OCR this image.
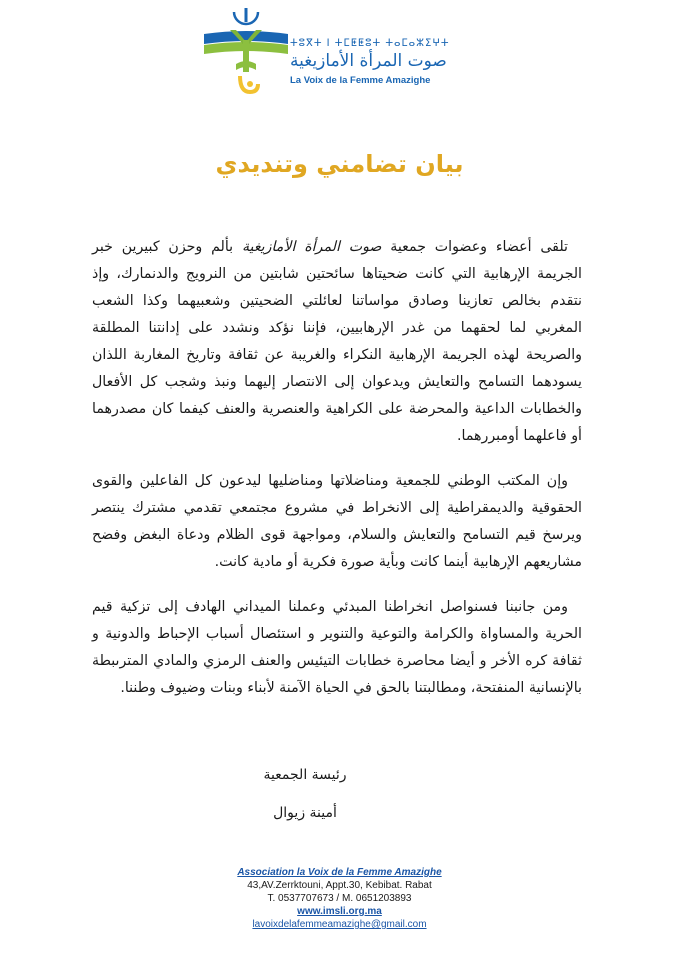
ⵜⵓⴳⵜ ⵏ ⵜⵎⵟⵟⵓⵜ ⵜⴰⵎⴰⵣⵉⵖⵜ
صوت المرأة الأمازيغية
La Voix de la Femme Amazighe
بيان تضامني وتنديدي

تلقى أعضاء وعضوات جمعية صوت المرأة الأمازيغية بألم وحزن كبيرين خبر الجريمة الإرهابية التي كانت ضحيتاها سائحتين شابتين من النرويج والدنمارك، وإذ نتقدم بخالص تعازينا وصادق مواساتنا لعائلتي الضحيتين وشعبيهما وكذا الشعب المغربي لما لحقهما من غدر الإرهابيين، فإننا نؤكد ونشدد على إدانتنا المطلقة والصريحة لهذه الجريمة الإرهابية النكراء والغريبة عن ثقافة وتاريخ المغاربة اللذان يسودهما التسامح والتعايش ويدعوان إلى الانتصار إليهما ونبذ وشجب كل الأفعال والخطابات الداعية والمحرضة على الكراهية والعنصرية والعنف كيفما كان مصدرهما أو فاعلهما أومبررهما.

وإن المكتب الوطني للجمعية ومناضلاتها ومناضليها ليدعون كل الفاعلين والقوى الحقوقية والديمقراطية إلى الانخراط في مشروع مجتمعي تقدمي مشترك ينتصر ويرسخ قيم التسامح والتعايش والسلام، ومواجهة قوى الظلام ودعاة البغض وفضح مشاريعهم الإرهابية أينما كانت وبأية صورة فكرية أو مادية كانت.

ومن جانبنا فسنواصل انخراطنا المبدئي وعملنا الميداني الهادف إلى تزكية قيم الحرية والمساواة والكرامة والتوعية والتنوير و استئصال أسباب الإحباط والدونية و ثقافة كره الأخر و أيضا محاصرة خطابات التيئيس والعنف الرمزي والمادي المترىبطة بالإنسانية المنفتحة، ومطالبتنا بالحق في الحياة الآمنة لأبناء وبنات وضيوف وطننا.

رئيسة الجمعية
أمينة زيوال
Association la Voix de la Femme Amazighe
43,AV.Zerrktouni, Appt.30, Kebibat. Rabat
T. 0537707673 / M. 0651203893
www.imsli.org.ma
lavoixdelafemmeamazighe@gmail.com
